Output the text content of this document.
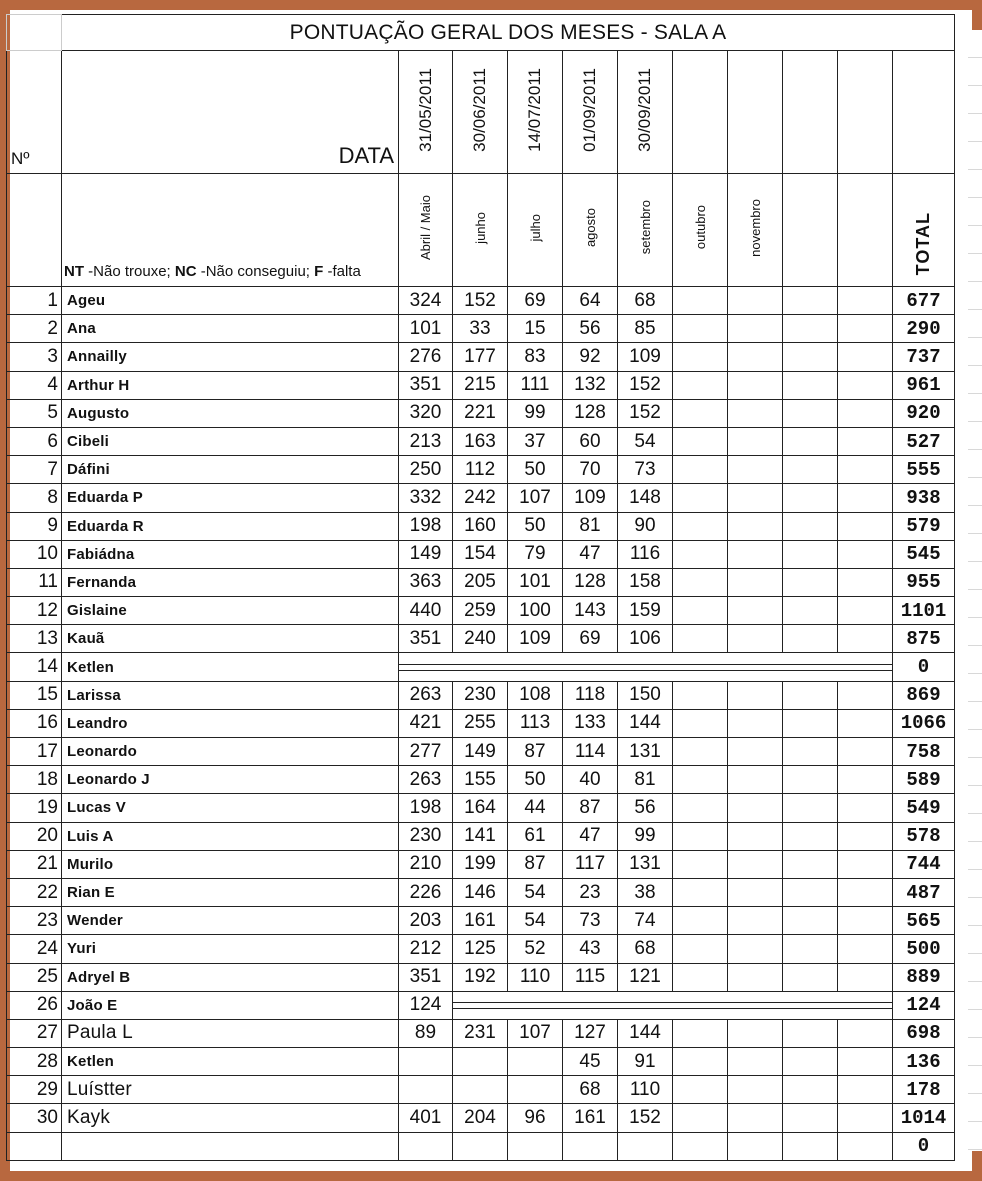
	PONTUAÇÃO GERAL DOS MESES - SALA A										
Nº	DATA	31/05/2011	30/06/2011	14/07/2011	01/09/2011	30/09/2011					
	NT -Não trouxe; NC -Não conseguiu; F -falta	Abril / Maio	junho	julho	agosto	setembro	outubro	novembro			TOTAL
1	Ageu	324	152	69	64	68					677
2	Ana	101	33	15	56	85					290
3	Annailly	276	177	83	92	109					737
4	Arthur H	351	215	111	132	152					961
5	Augusto	320	221	99	128	152					920
6	Cibeli	213	163	37	60	54					527
7	Dáfini	250	112	50	70	73					555
8	Eduarda P	332	242	107	109	148					938
9	Eduarda R	198	160	50	81	90					579
10	Fabiádna	149	154	79	47	116					545
11	Fernanda	363	205	101	128	158					955
12	Gislaine	440	259	100	143	159					1101
13	Kauã	351	240	109	69	106					875
14	Ketlen										0
15	Larissa	263	230	108	118	150					869
16	Leandro	421	255	113	133	144					1066
17	Leonardo	277	149	87	114	131					758
18	Leonardo J	263	155	50	40	81					589
19	Lucas V	198	164	44	87	56					549
20	Luis A	230	141	61	47	99					578
21	Murilo	210	199	87	117	131					744
22	Rian E	226	146	54	23	38					487
23	Wender	203	161	54	73	74					565
24	Yuri	212	125	52	43	68					500
25	Adryel B	351	192	110	115	121					889
26	João E	124									124
27	Paula L	89	231	107	127	144					698
28	Ketlen				45	91					136
29	Luístter				68	110					178
30	Kayk	401	204	96	161	152					1014
											0
